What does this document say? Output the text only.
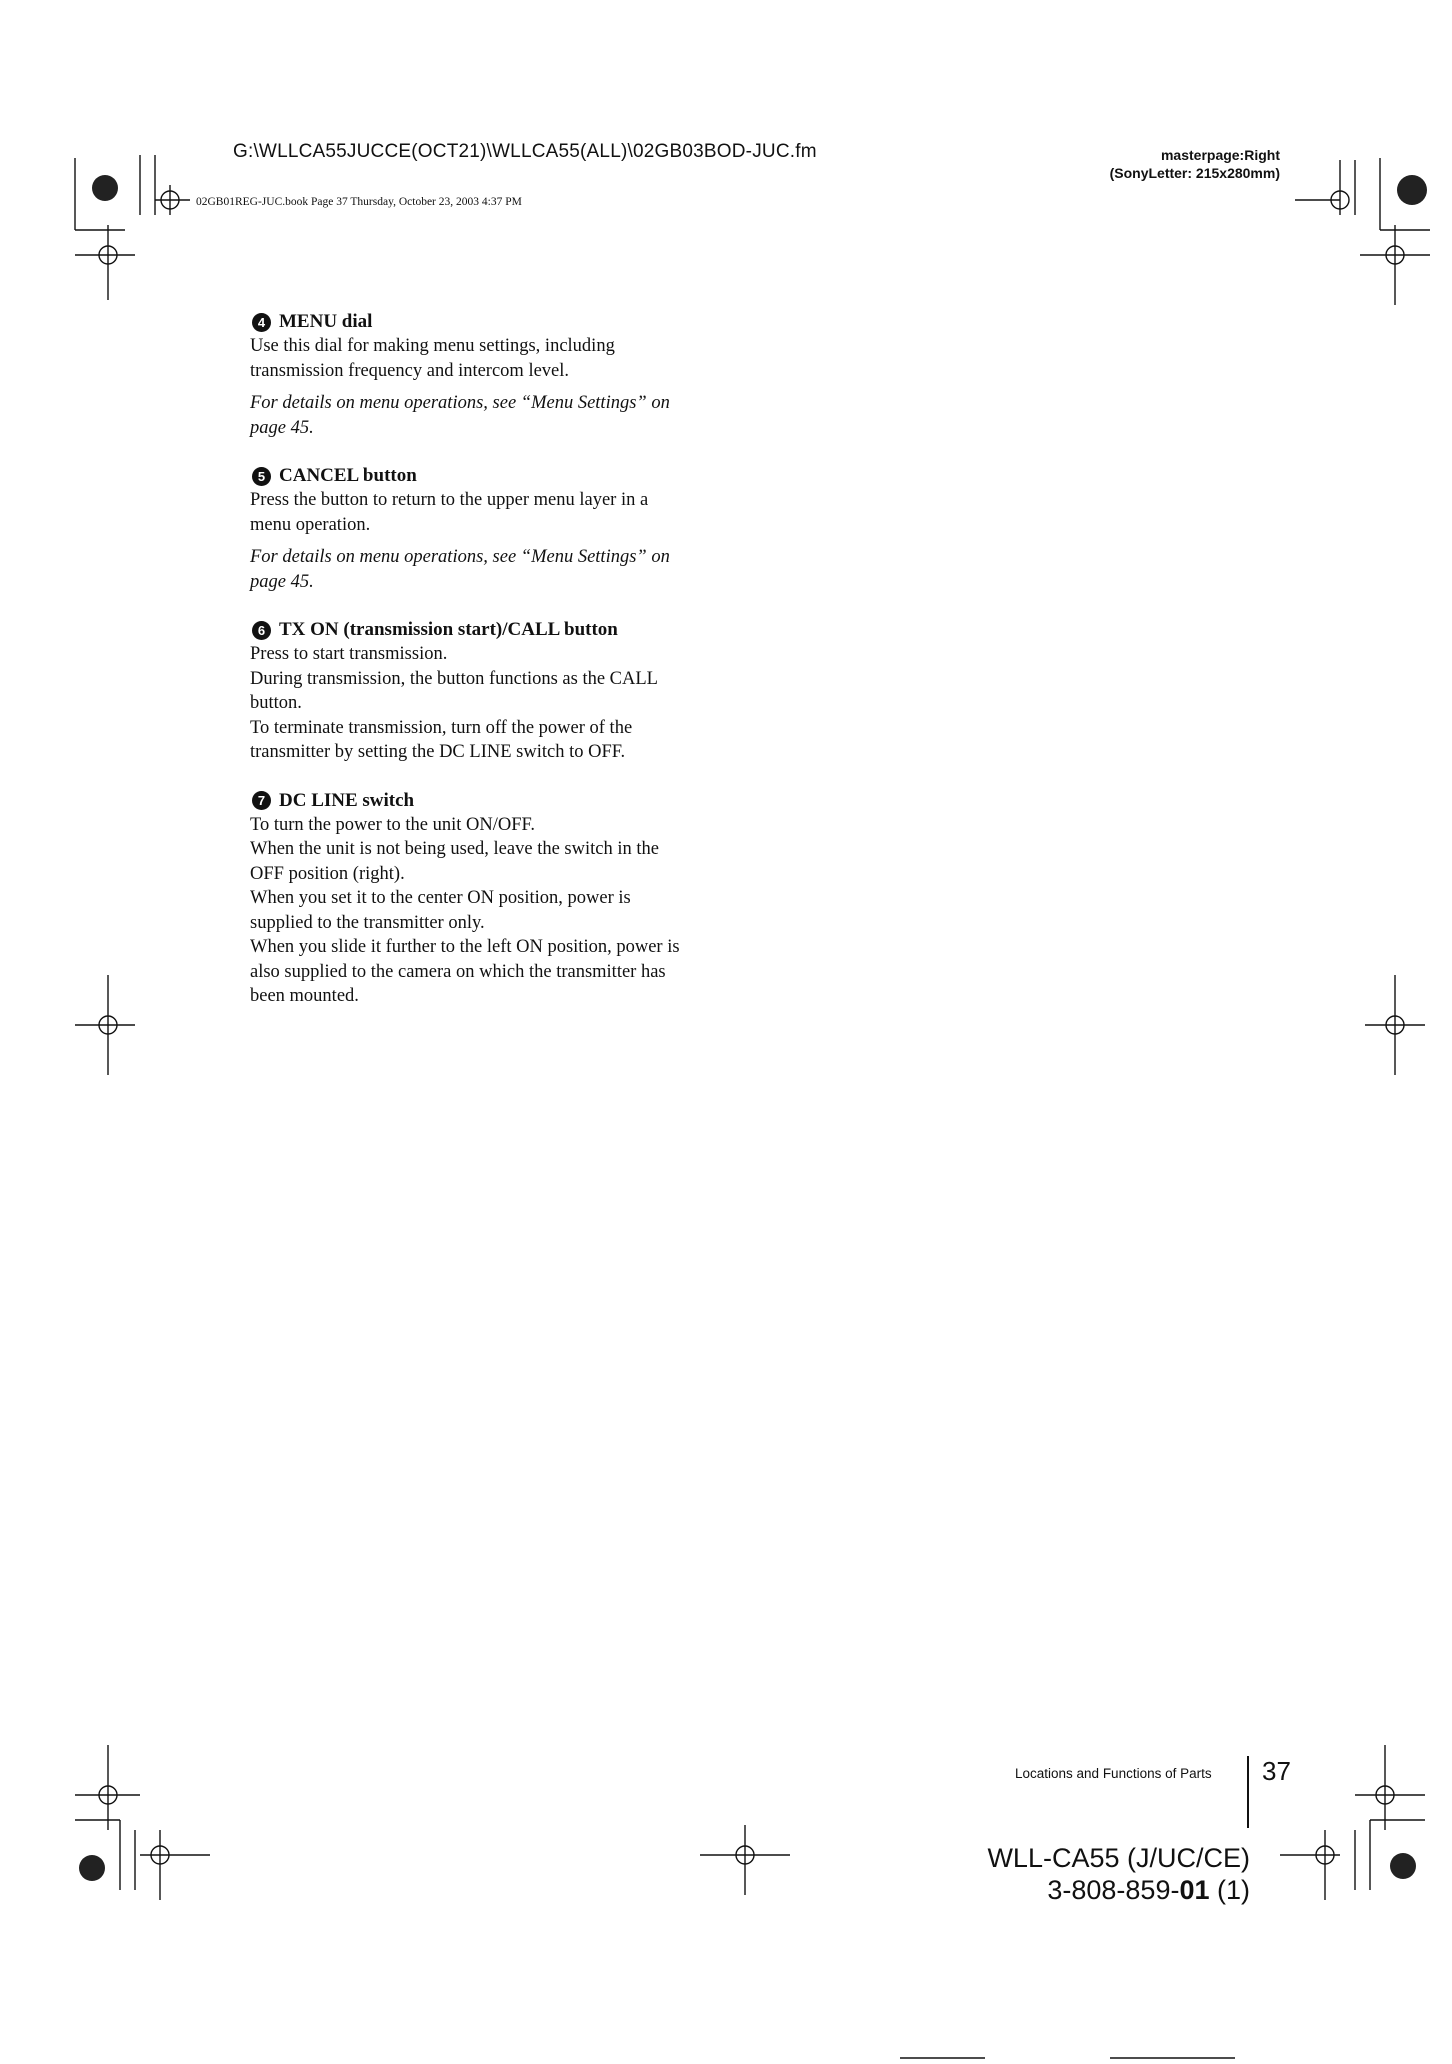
G:\WLLCA55JUCCE(OCT21)\WLLCA55(ALL)\02GB03BOD-JUC.fm
02GB01REG-JUC.book Page 37 Thursday, October 23, 2003 4:37 PM
masterpage:Right
(SonyLetter: 215x280mm)
4 MENU dial
Use this dial for making menu settings, including
transmission frequency and intercom level.
For details on menu operations, see “Menu Settings” on
page 45.
5 CANCEL button
Press the button to return to the upper menu layer in a
menu operation.
For details on menu operations, see “Menu Settings” on
page 45.
6 TX ON (transmission start)/CALL button
Press to start transmission.
During transmission, the button functions as the CALL
button.
To terminate transmission, turn off the power of the
transmitter by setting the DC LINE switch to OFF.
7 DC LINE switch
To turn the power to the unit ON/OFF.
When the unit is not being used, leave the switch in the
OFF position (right).
When you set it to the center ON position, power is
supplied to the transmitter only.
When you slide it further to the left ON position, power is
also supplied to the camera on which the transmitter has
been mounted.
Locations and Functions of Parts 37
WLL-CA55 (J/UC/CE)
3-808-859-01 (1)
